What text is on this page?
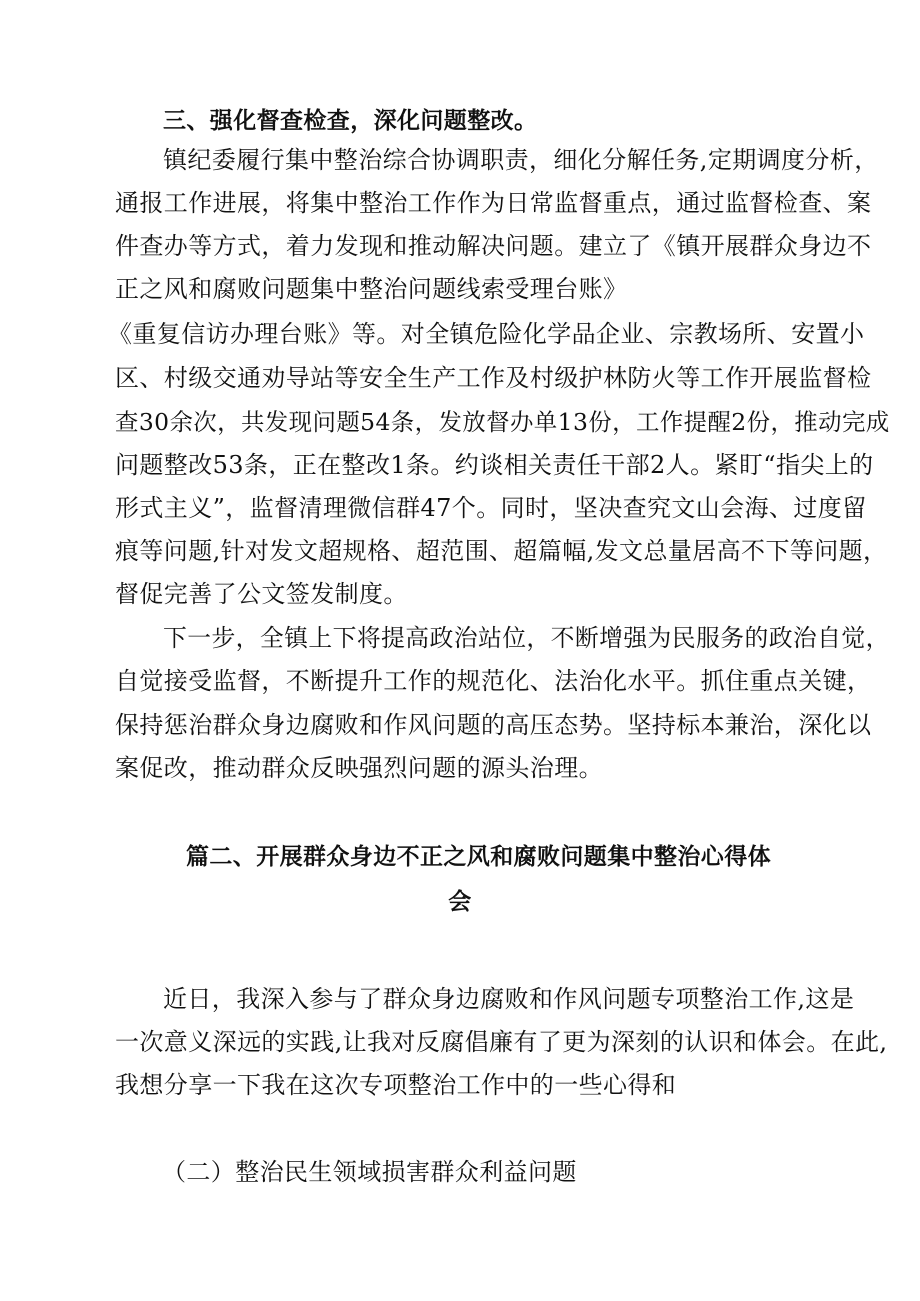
三、强化督查检查，深化问题整改。
镇纪委履行集中整治综合协调职责，细化分解任务,定期调度分析，
通报工作进展，将集中整治工作作为日常监督重点，通过监督检查、案
件查办等方式，着力发现和推动解决问题。建立了《镇开展群众身边不
正之风和腐败问题集中整治问题线索受理台账》
《重复信访办理台账》等。对全镇危险化学品企业、宗教场所、安置小
区、村级交通劝导站等安全生产工作及村级护林防火等工作开展监督检
查30余次，共发现问题54条，发放督办单13份，工作提醒2份，推动完成
问题整改53条，正在整改1条。约谈相关责任干部2人。紧盯“指尖上的
形式主义”，监督清理微信群47个。同时，坚决查究文山会海、过度留
痕等问题,针对发文超规格、超范围、超篇幅,发文总量居高不下等问题，
督促完善了公文签发制度。
下一步，全镇上下将提高政治站位，不断增强为民服务的政治自觉，
自觉接受监督，不断提升工作的规范化、法治化水平。抓住重点关键，
保持惩治群众身边腐败和作风问题的高压态势。坚持标本兼治，深化以
案促改，推动群众反映强烈问题的源头治理。
篇二、开展群众身边不正之风和腐败问题集中整治心得体
会
近日，我深入参与了群众身边腐败和作风问题专项整治工作,这是
一次意义深远的实践,让我对反腐倡廉有了更为深刻的认识和体会。在此,
我想分享一下我在这次专项整治工作中的一些心得和
（二）整治民生领域损害群众利益问题
